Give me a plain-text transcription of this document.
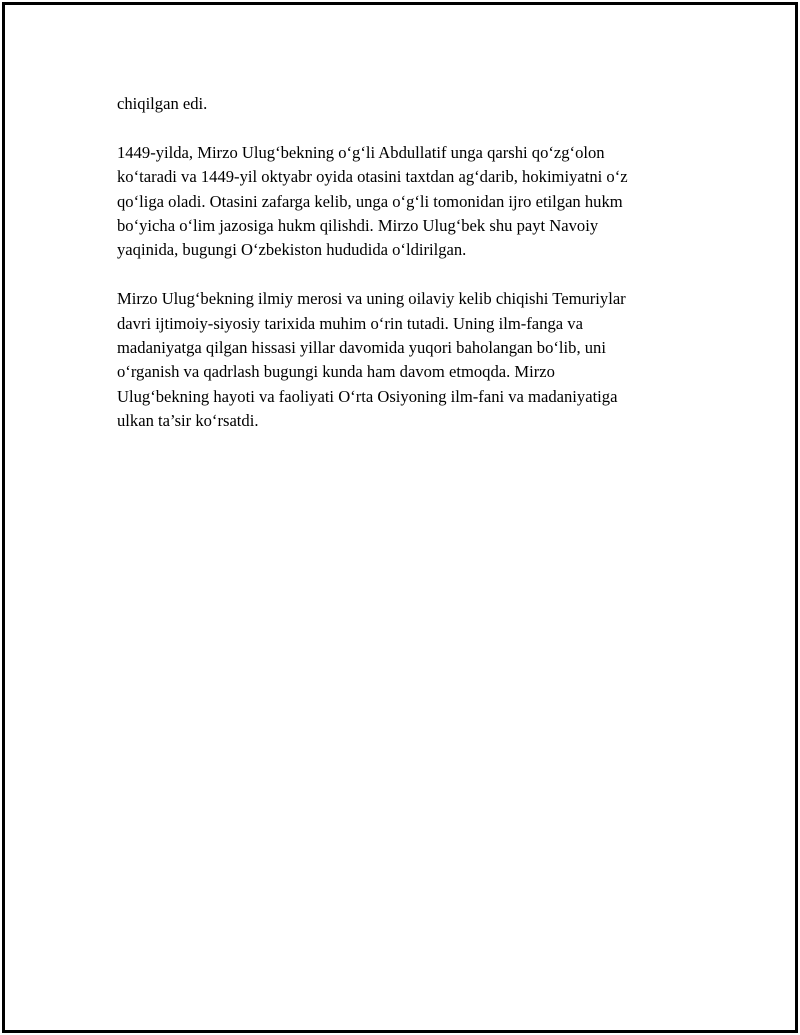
chiqilgan edi.

1449-yilda, Mirzo Ulug‘bekning o‘g‘li Abdullatif unga qarshi qo‘zg‘olon
ko‘taradi va 1449-yil oktyabr oyida otasini taxtdan ag‘darib, hokimiyatni o‘z
qo‘liga oladi. Otasini zafarga kelib, unga o‘g‘li tomonidan ijro etilgan hukm
bo‘yicha o‘lim jazosiga hukm qilishdi. Mirzo Ulug‘bek shu payt Navoiy
yaqinida, bugungi O‘zbekiston hududida o‘ldirilgan.

Mirzo Ulug‘bekning ilmiy merosi va uning oilaviy kelib chiqishi Temuriylar
davri ijtimoiy-siyosiy tarixida muhim o‘rin tutadi. Uning ilm-fanga va
madaniyatga qilgan hissasi yillar davomida yuqori baholangan bo‘lib, uni
o‘rganish va qadrlash bugungi kunda ham davom etmoqda. Mirzo
Ulug‘bekning hayoti va faoliyati O‘rta Osiyoning ilm-fani va madaniyatiga
ulkan ta’sir ko‘rsatdi.
